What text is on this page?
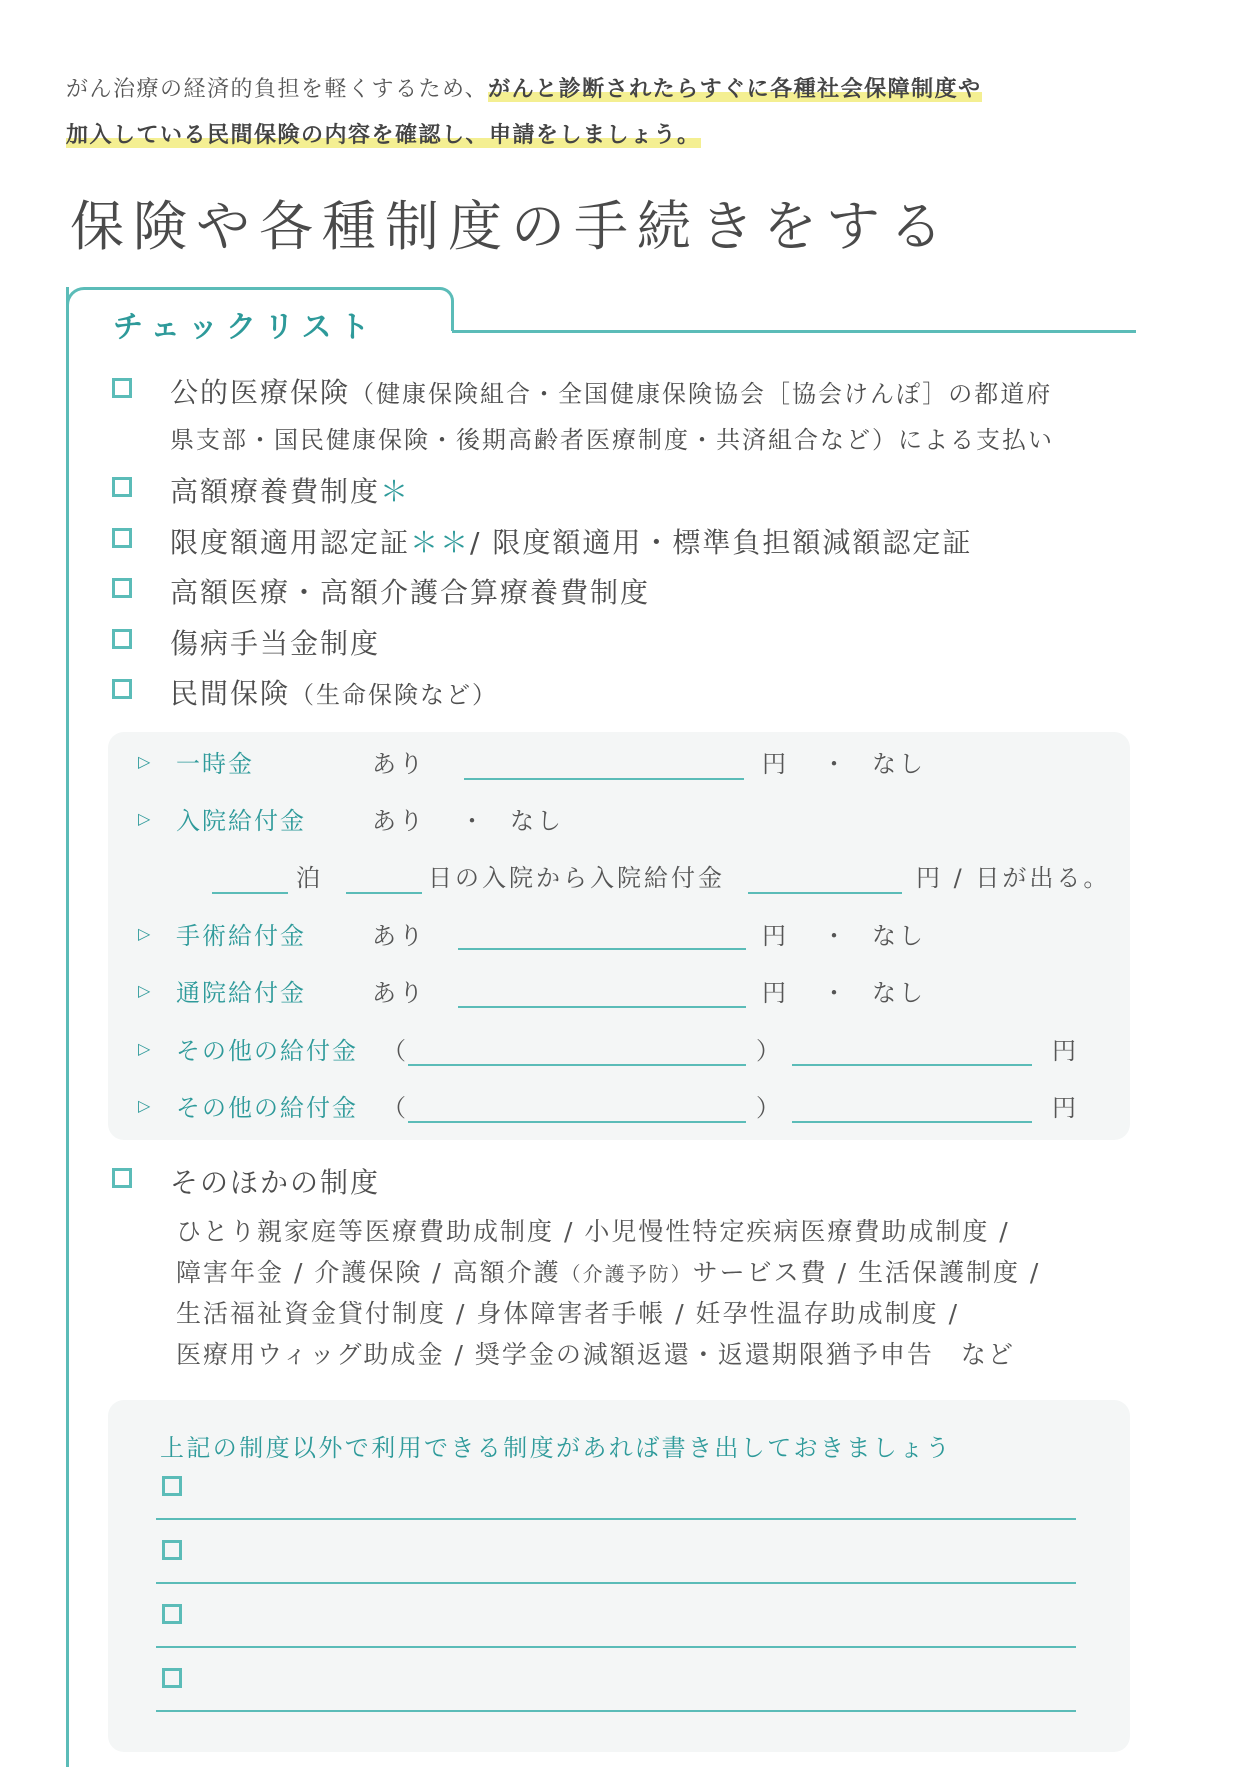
がん治療の経済的負担を軽くするため、がんと診断されたらすぐに各種社会保障制度や
加入している民間保険の内容を確認し、申請をしましょう。
保険や各種制度の手続きをする
チェックリスト
公的医療保険（健康保険組合・全国健康保険協会［協会けんぽ］の都道府
県支部・国民健康保険・後期高齢者医療制度・共済組合など）による支払い
高額療養費制度＊
限度額適用認定証＊＊/ 限度額適用・標準負担額減額認定証
高額医療・高額介護合算療養費制度
傷病手当金制度
民間保険（生命保険など）
▷ 一時金	あり	円 ・ なし
▷ 入院給付金	あり ・ なし
泊	日の入院から入院給付金	円 / 日が出る。
▷ 手術給付金	あり	円 ・ なし
▷ 通院給付金	あり	円 ・ なし
▷ その他の給付金 （	）	円
▷ その他の給付金 （	）	円
そのほかの制度
ひとり親家庭等医療費助成制度 / 小児慢性特定疾病医療費助成制度 /
障害年金 / 介護保険 / 高額介護（介護予防）サービス費 / 生活保護制度 /
生活福祉資金貸付制度 / 身体障害者手帳 / 妊孕性温存助成制度 /
医療用ウィッグ助成金 / 奨学金の減額返還・返還期限猶予申告　など
上記の制度以外で利用できる制度があれば書き出しておきましょう
